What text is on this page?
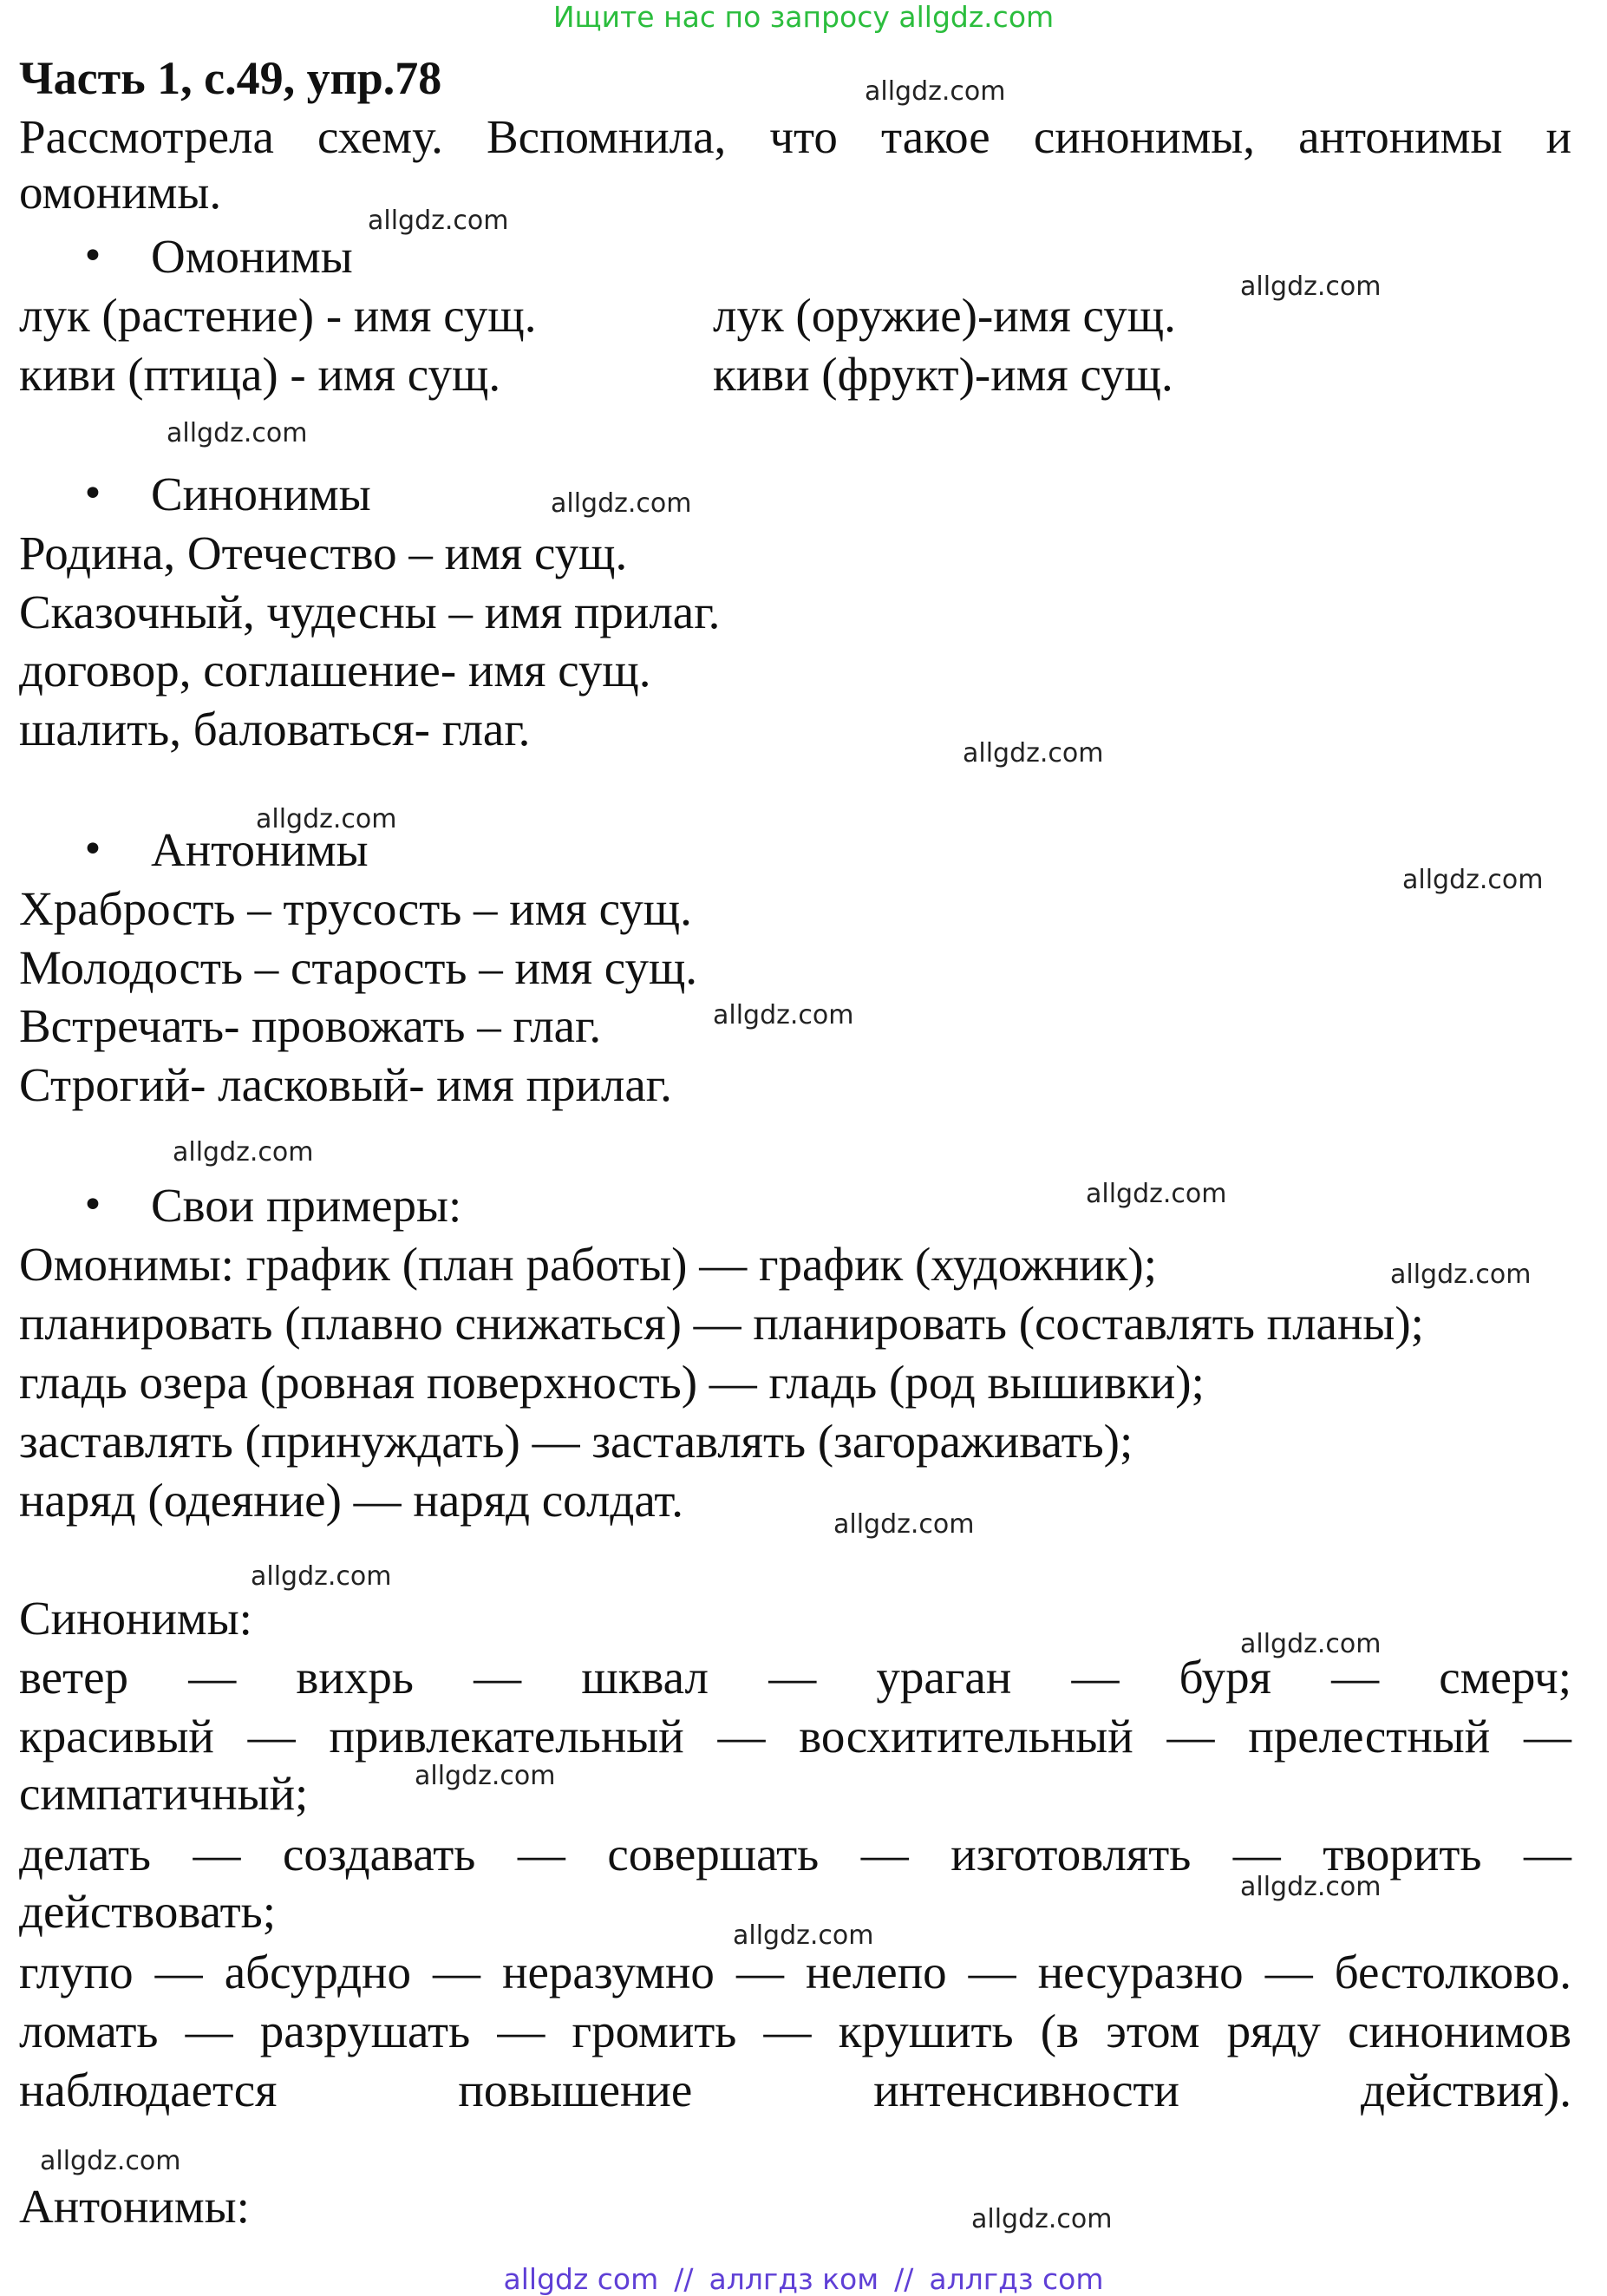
Ищите нас по запросу allgdz.com
Часть 1, с.49, упр.78
Рассмотрела схему. Вспомнила, что такое синонимы, антонимы и
омонимы.
• Омонимы
лук (растение) - имя сущ.	лук (оружие)-имя сущ.
киви (птица) - имя сущ.	киви (фрукт)-имя сущ.
• Синонимы
Родина, Отечество – имя сущ.
Сказочный, чудесны – имя прилаг.
договор, соглашение- имя сущ.
шалить, баловаться- глаг.
• Антонимы
Храбрость – трусость – имя сущ.
Молодость – старость – имя сущ.
Встречать- провожать – глаг.
Строгий- ласковый- имя прилаг.
• Свои примеры:
Омонимы: график (план работы) — график (художник);
планировать (плавно снижаться) — планировать (составлять планы);
гладь озера (ровная поверхность) — гладь (род вышивки);
заставлять (принуждать) — заставлять (загораживать);
наряд (одеяние) — наряд солдат.
Синонимы:
ветер — вихрь — шквал — ураган — буря — смерч;
красивый — привлекательный — восхитительный — прелестный —
симпатичный;
делать — создавать — совершать — изготовлять — творить —
действовать;
глупо — абсурдно — неразумно — нелепо — несуразно — бестолково.
ломать — разрушать — громить — крушить (в этом ряду синонимов
наблюдается повышение интенсивности действия).
Антонимы:
allgdz.com
allgdz.com
allgdz.com
allgdz.com
allgdz.com
allgdz.com
allgdz.com
allgdz.com
allgdz.com
allgdz.com
allgdz.com
allgdz.com
allgdz.com
allgdz.com
allgdz.com
allgdz.com
allgdz.com
allgdz.com
allgdz.com
allgdz.com
allgdz com // аллгдз ком // аллгдз com
